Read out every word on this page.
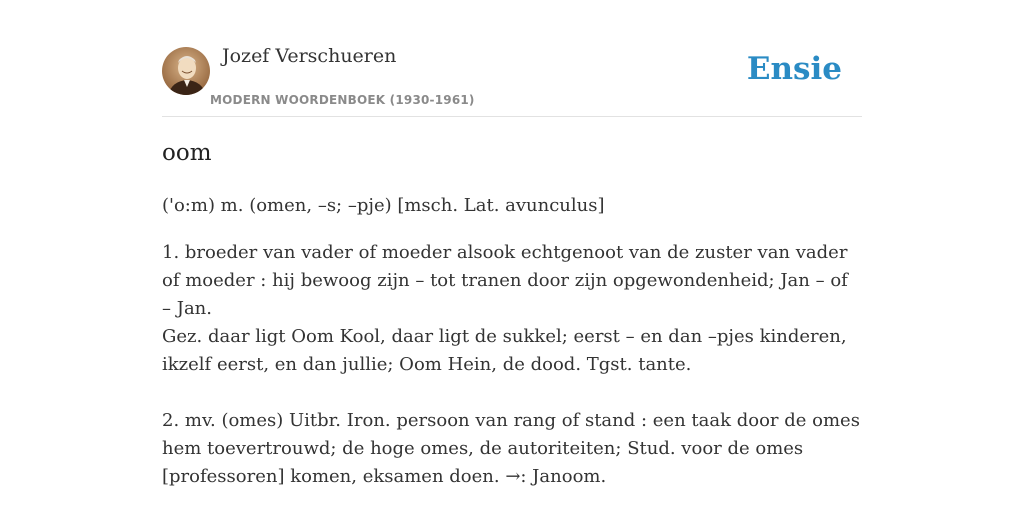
Jozef Verschueren
MODERN WOORDENBOEK (1930-1961)
Ensie
oom
('o:m) m. (omen, –s; –pje) [msch. Lat. avunculus]
1. broeder van vader of moeder alsook echtgenoot van de zuster van vader of moeder : hij bewoog zijn – tot tranen door zijn opgewondenheid; Jan – of – Jan.
Gez. daar ligt Oom Kool, daar ligt de sukkel; eerst – en dan –pjes kinderen, ikzelf eerst, en dan jullie; Oom Hein, de dood. Tgst. tante.
2. mv. (omes) Uitbr. Iron. persoon van rang of stand : een taak door de omes hem toevertrouwd; de hoge omes, de autoriteiten; Stud. voor de omes [professoren] komen, eksamen doen. →: Janoom.
